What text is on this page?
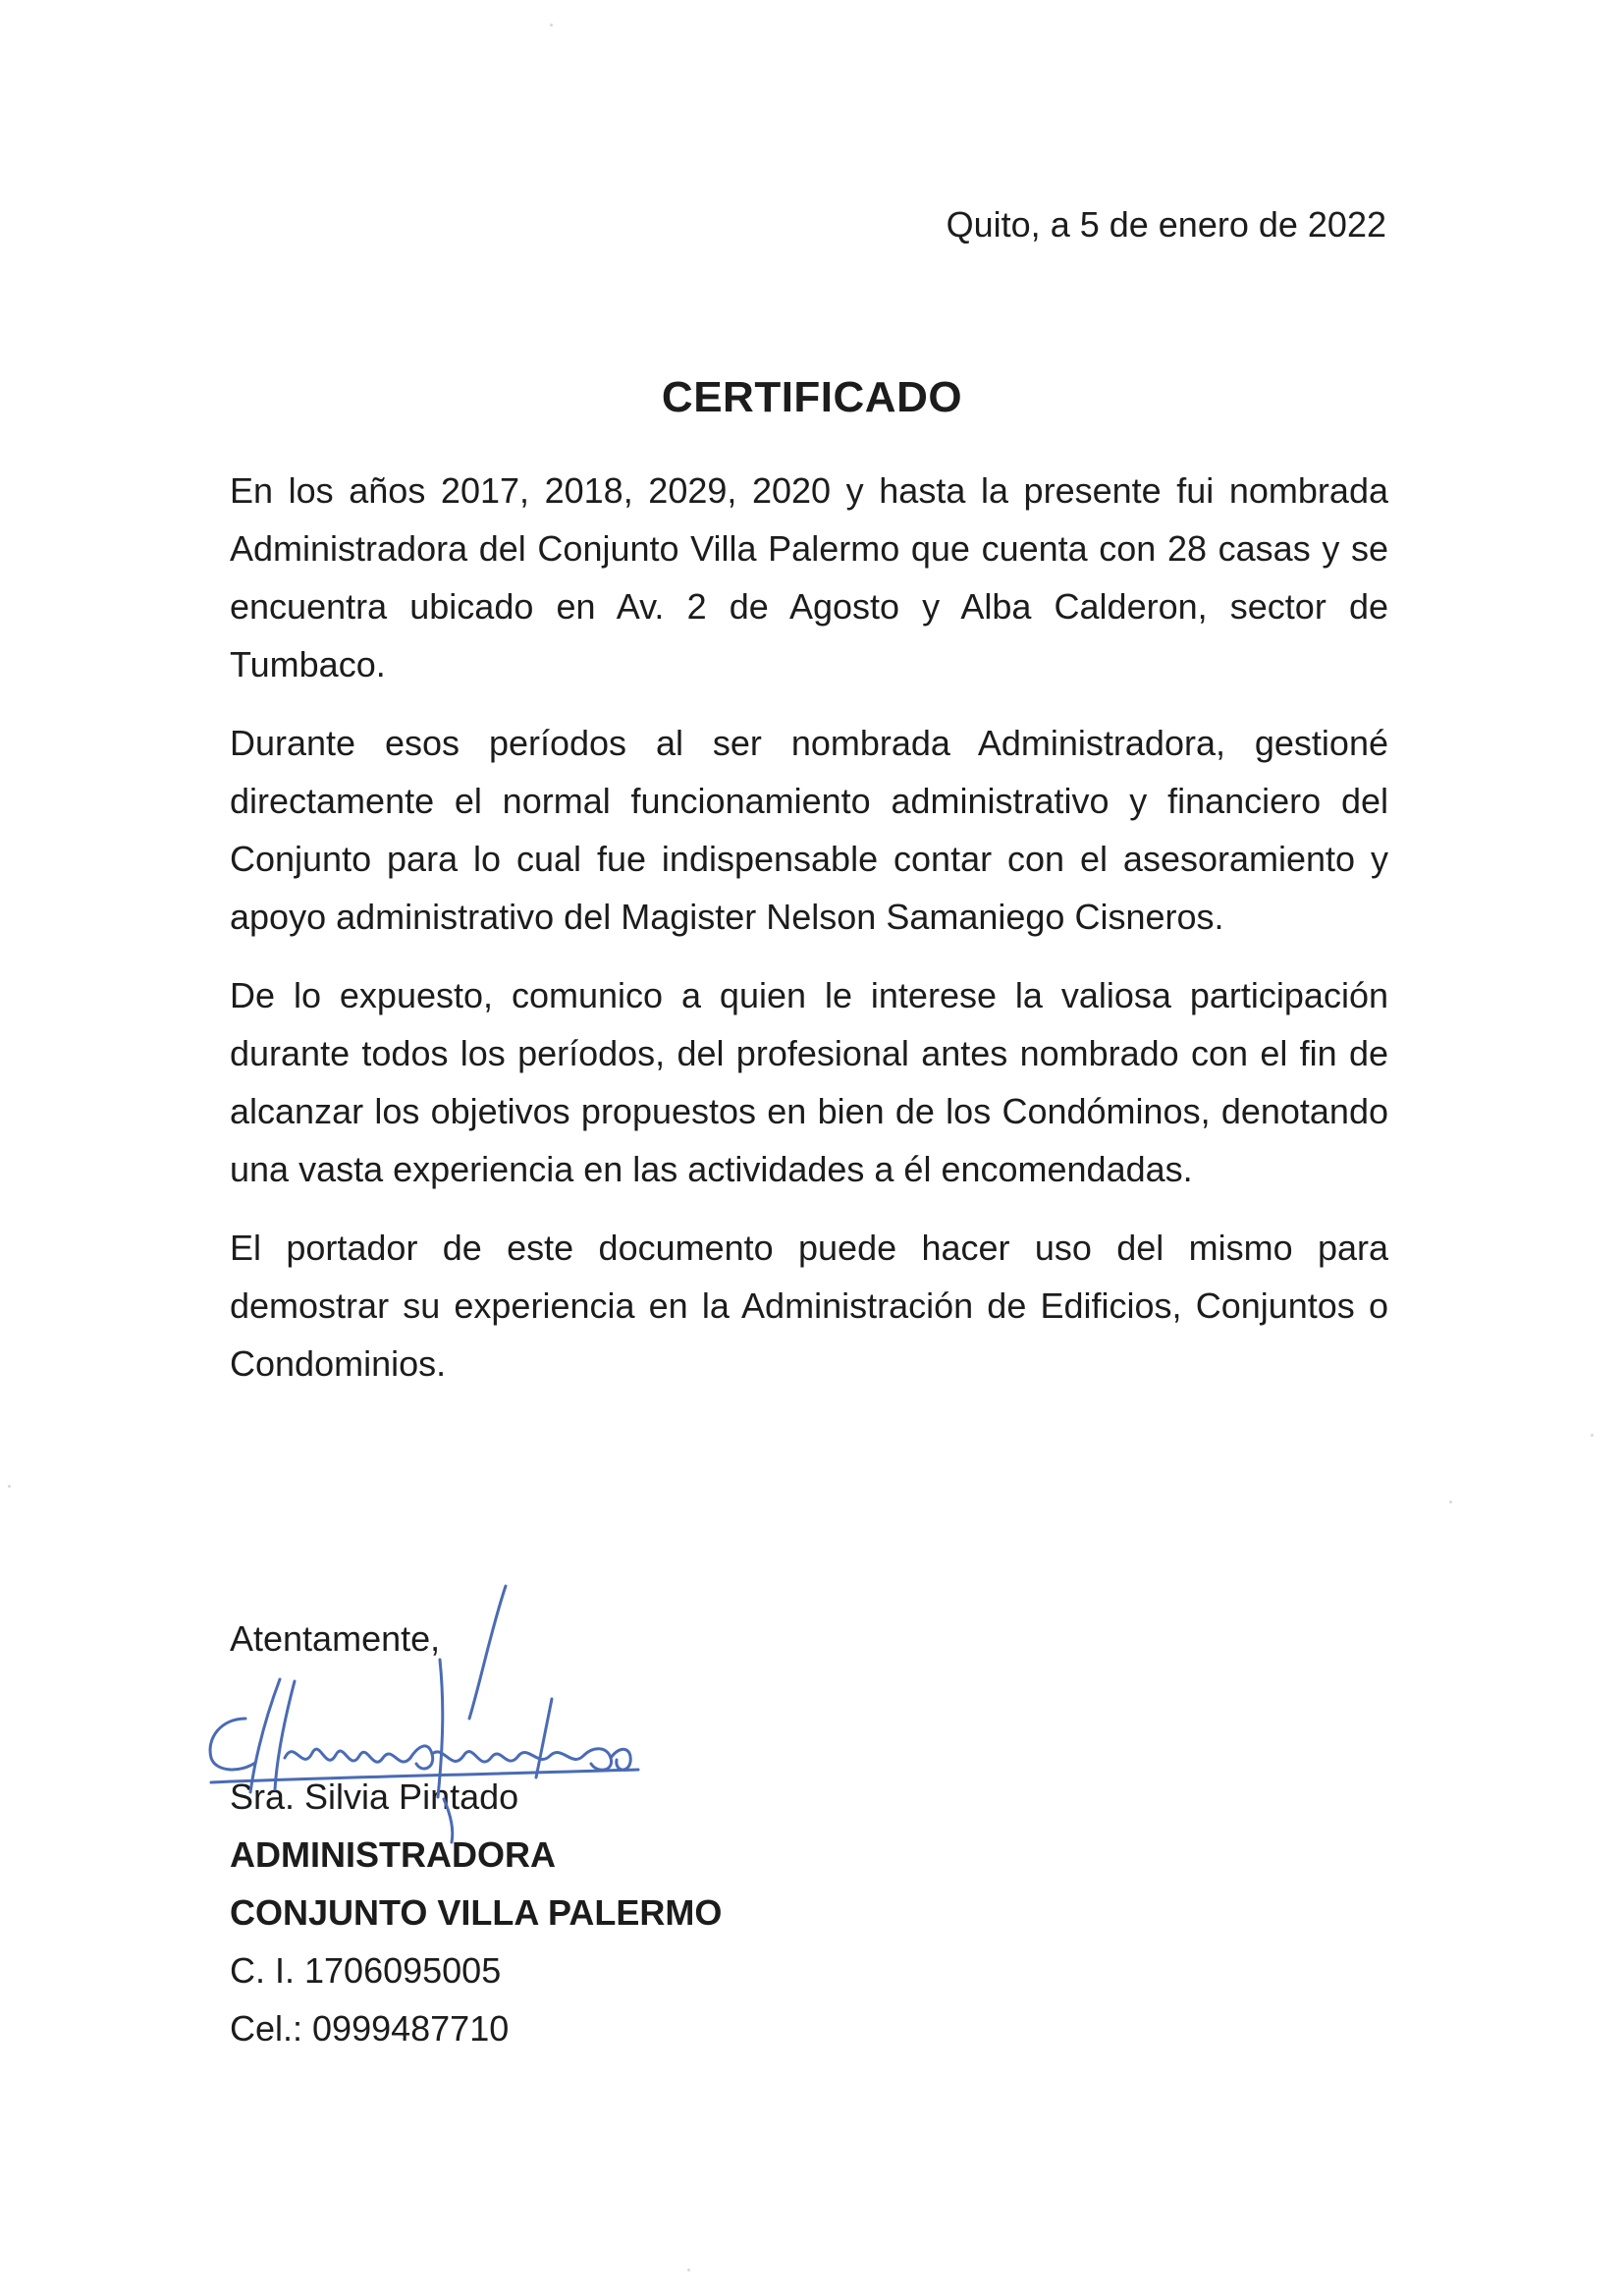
Quito, a 5 de enero de 2022
CERTIFICADO

En los años 2017, 2018, 2029, 2020 y hasta la presente fui nombrada Administradora del Conjunto Villa Palermo que cuenta con 28 casas y se encuentra ubicado en Av. 2 de Agosto y Alba Calderon, sector de Tumbaco.

Durante esos períodos al ser nombrada Administradora, gestioné directamente el normal funcionamiento administrativo y financiero del Conjunto para lo cual fue indispensable contar con el asesoramiento y apoyo administrativo del Magister Nelson Samaniego Cisneros.

De lo expuesto, comunico a quien le interese la valiosa participación durante todos los períodos, del profesional antes nombrado con el fin de alcanzar los objetivos propuestos en bien de los Condóminos, denotando una vasta experiencia en las actividades a él encomendadas.

El portador de este documento puede hacer uso del mismo para demostrar su experiencia en la Administración de Edificios, Conjuntos o Condominios.

Atentamente,
Sra. Silvia Pintado
ADMINISTRADORA
CONJUNTO VILLA PALERMO
C. I. 1706095005
Cel.: 0999487710
